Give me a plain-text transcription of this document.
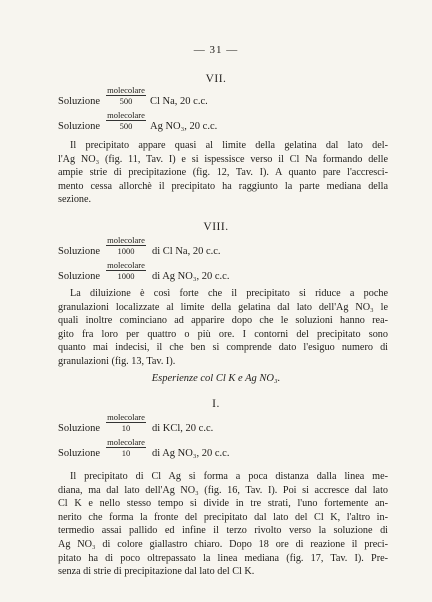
— 31 —
VII.
Soluzione
molecolare
500	Cl Na, 20 c.c.
Soluzione
molecolare
500	Ag NO₃, 20 c.c.
Il precipitato appare quasi al limite della gelatina dal lato del-
l'Ag NO₃ (fig. 11, Tav. I) e si ispessisce verso il Cl Na formando delle
ampie strie di precipitazione (fig. 12, Tav. I). A quanto pare l'accresci-
mento cessa allorchè il precipitato ha raggiunto la parte mediana della
sezione.
VIII.
Soluzione
molecolare
1000	di Cl Na, 20 c.c.
Soluzione
molecolare
1000	di Ag NO₃, 20 c.c.
La diluizione è così forte che il precipitato si riduce a poche
granulazioni localizzate al limite della gelatina dal lato dell'Ag NO₃ le
quali inoltre cominciano ad apparire dopo che le soluzioni hanno rea-
gito fra loro per quattro o più ore. I contorni del precipitato sono
quanto mai indecisi, il che ben si comprende dato l'esiguo numero di
granulazioni (fig. 13, Tav. I).
Esperienze col Cl K e Ag NO₃.
I.
Soluzione
molecolare
10	di KCl, 20 c.c.
Soluzione
molecolare
10	di Ag NO₃, 20 c.c.
Il precipitato di Cl Ag si forma a poca distanza dalla linea me-
diana, ma dal lato dell'Ag NO₃ (fig. 16, Tav. I). Poi si accresce dal lato
Cl K e nello stesso tempo si divide in tre strati, l'uno fortemente an-
nerito che forma la fronte del precipitato dal lato del Cl K, l'altro in-
termedio assai pallido ed infine il terzo rivolto verso la soluzione di
Ag NO₃ di colore giallastro chiaro. Dopo 18 ore di reazione il preci-
pitato ha di poco oltrepassato la linea mediana (fig. 17, Tav. I). Pre-
senza di strie di precipitazione dal lato del Cl K.
